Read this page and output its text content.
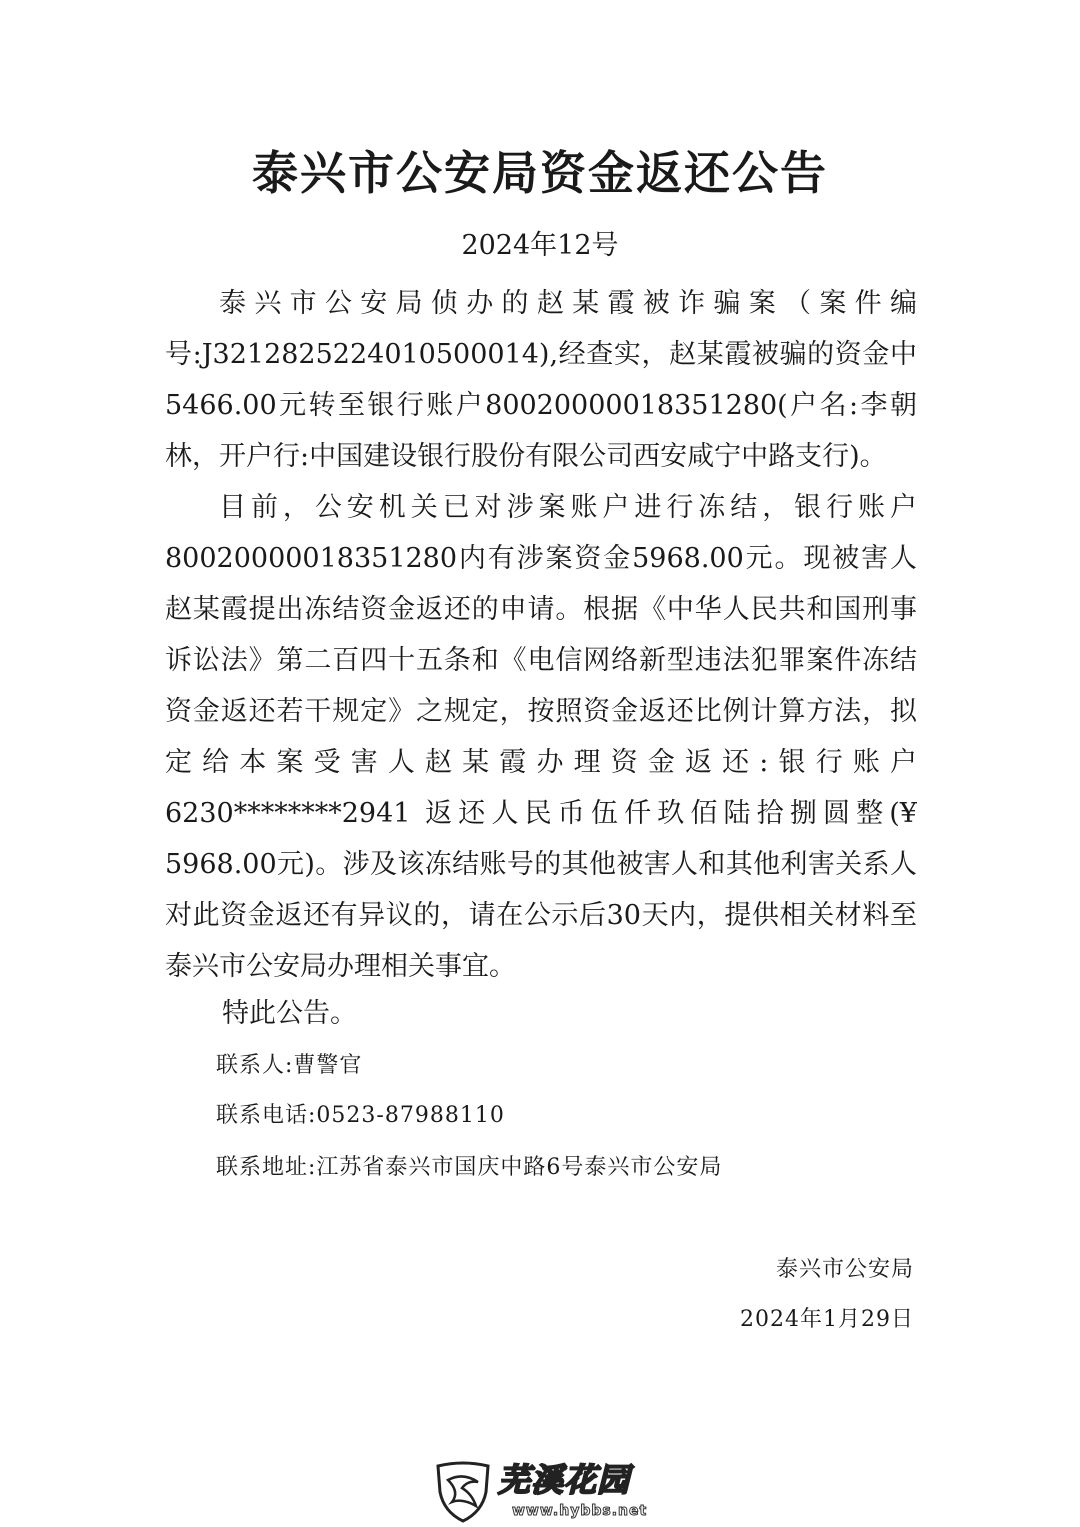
泰兴市公安局资金返还公告
2024年12号

泰兴市公安局侦办的赵某霞被诈骗案（案件编号:J3212825224010500014),经查实，赵某霞被骗的资金中5466.00元转至银行账户80020000018351280(户名:李朝林，开户行:中国建设银行股份有限公司西安咸宁中路支行)。

目前，公安机关已对涉案账户进行冻结，银行账户80020000018351280内有涉案资金5968.00元。现被害人赵某霞提出冻结资金返还的申请。根据《中华人民共和国刑事诉讼法》第二百四十五条和《电信网络新型违法犯罪案件冻结资金返还若干规定》之规定，按照资金返还比例计算方法，拟定给本案受害人赵某霞办理资金返还:银行账户6230********2941 返还人民币伍仟玖佰陆拾捌圆整(¥ 5968.00元)。涉及该冻结账号的其他被害人和其他利害关系人对此资金返还有异议的，请在公示后30天内，提供相关材料至泰兴市公安局办理相关事宜。

特此公告。
联系人:曹警官
联系电话:0523-87988110
联系地址:江苏省泰兴市国庆中路6号泰兴市公安局
泰兴市公安局
2024年1月29日
芜溪花园
www.hybbs.net
